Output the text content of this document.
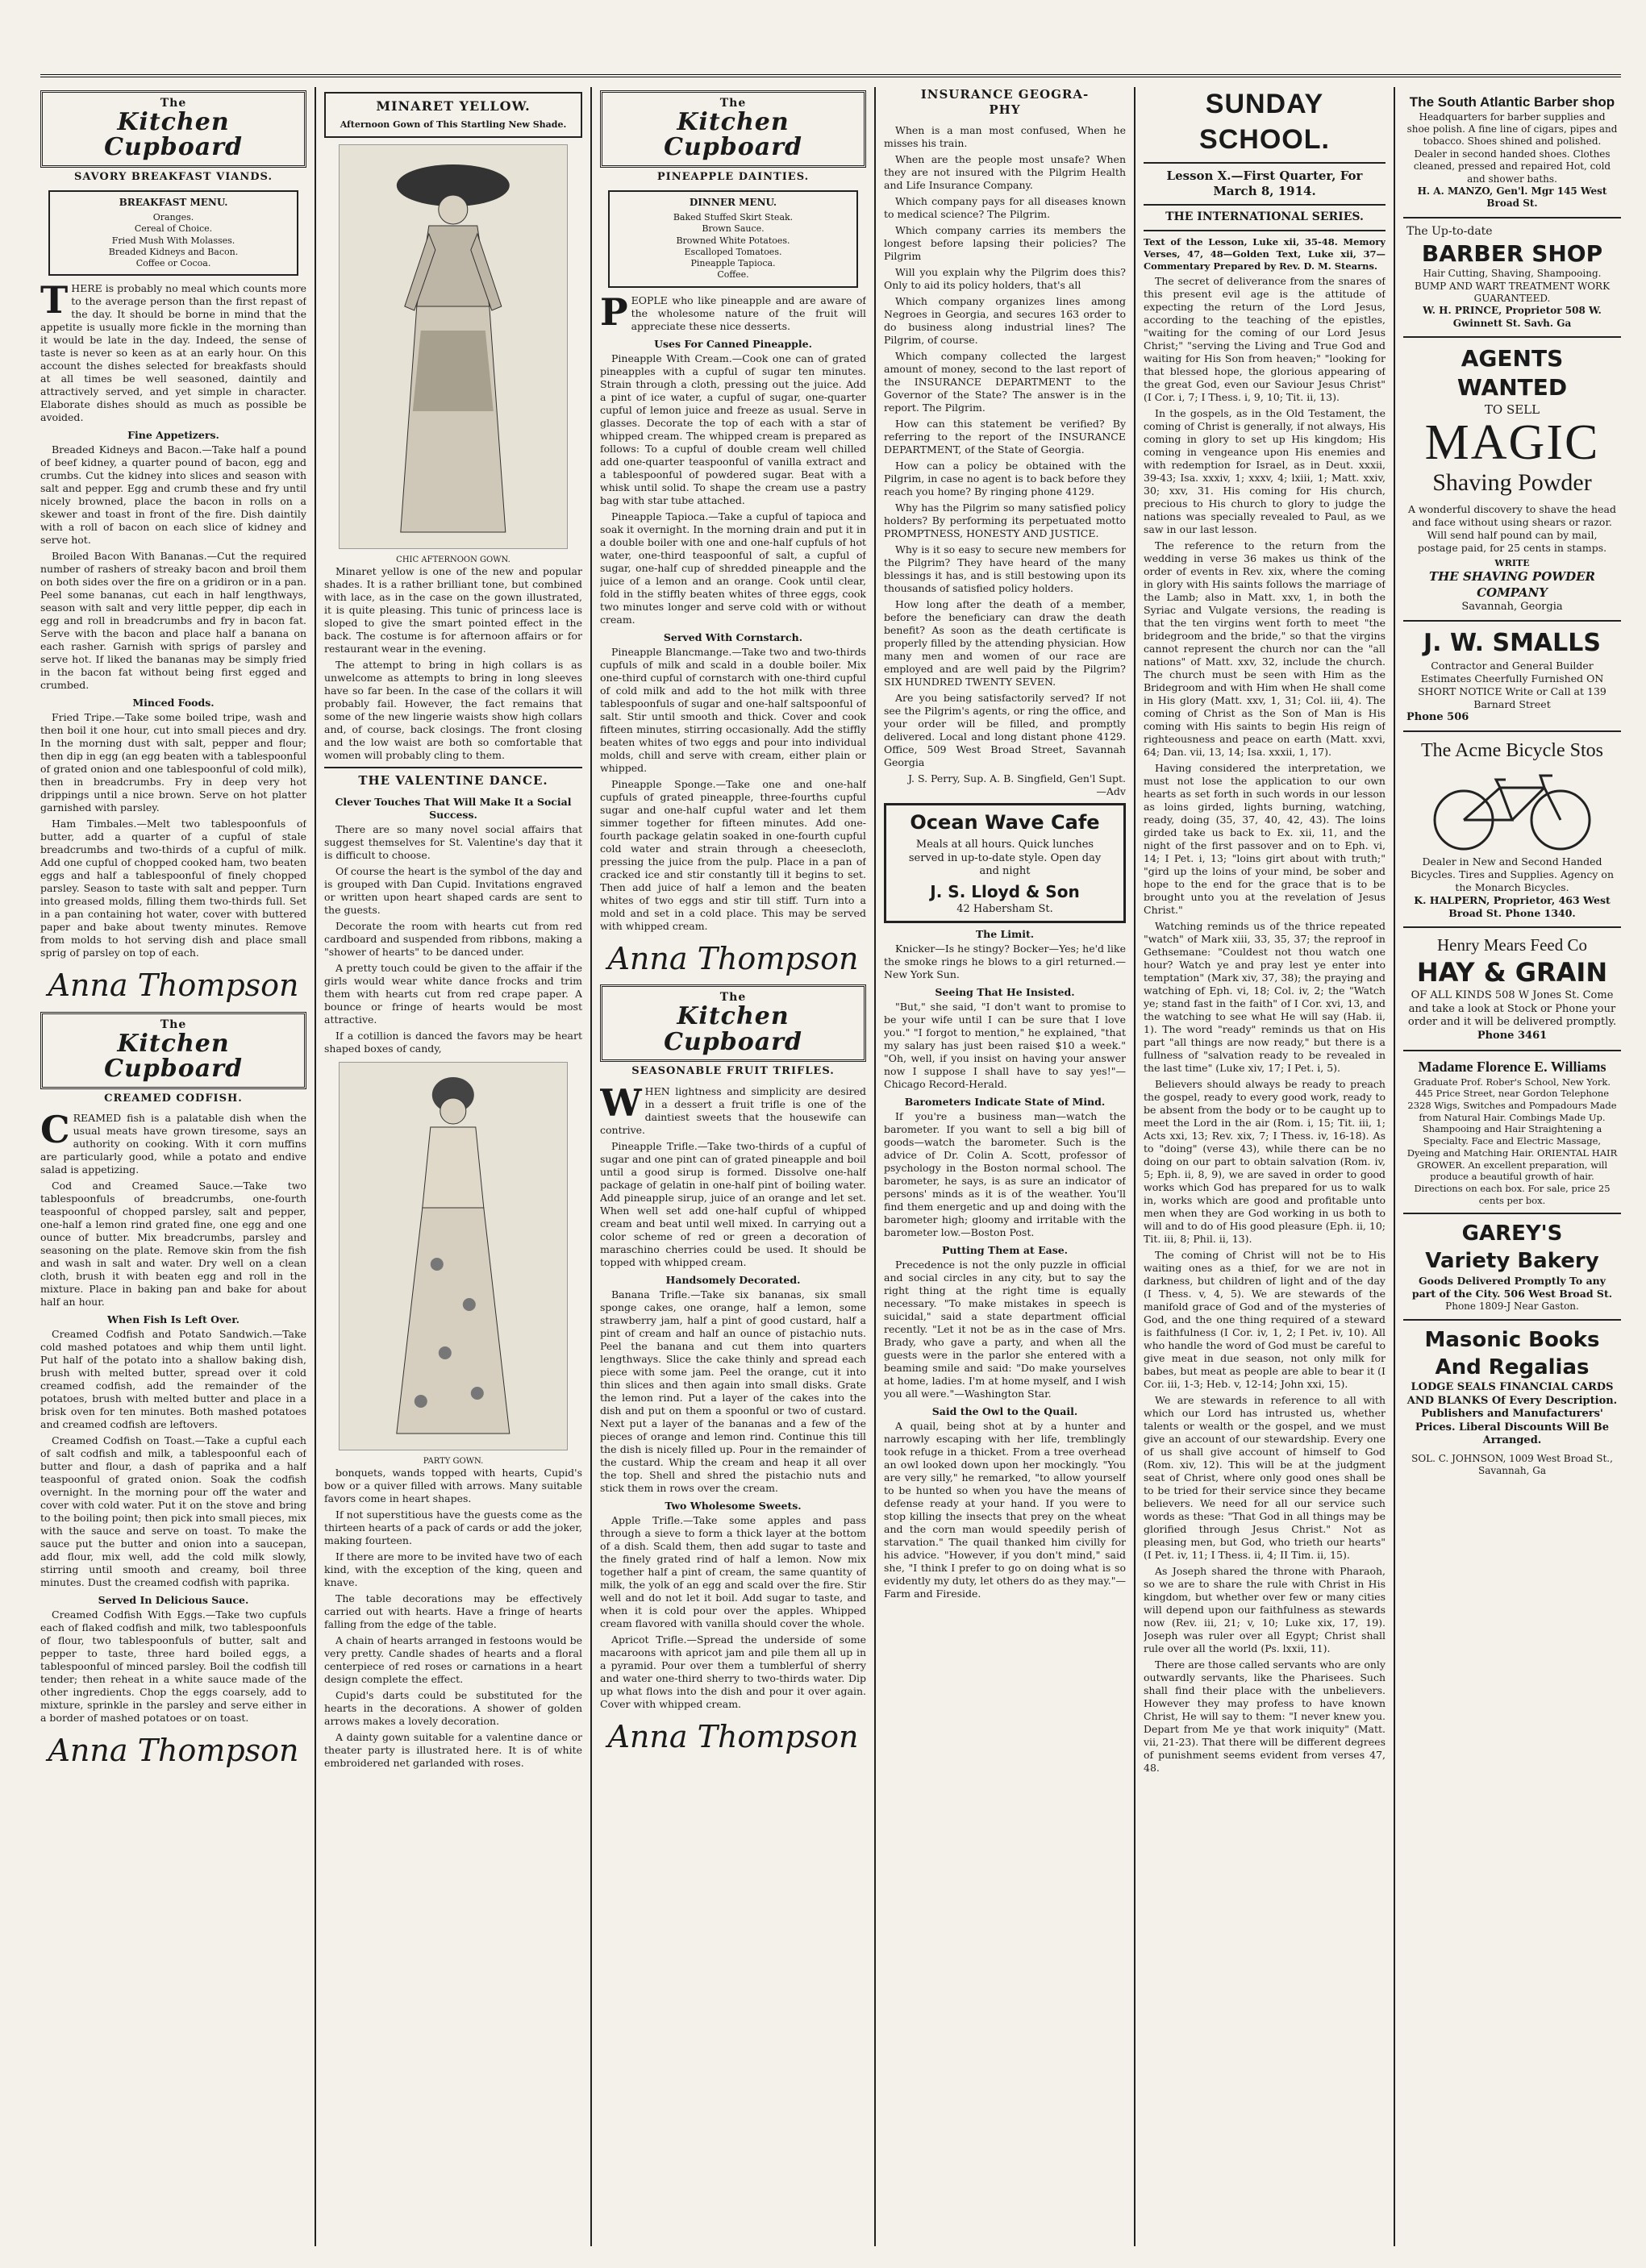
The
Kitchen Cupboard
SAVORY BREAKFAST VIANDS.
BREAKFAST MENU.
Oranges.
Cereal of Choice.
Fried Mush With Molasses.
Breaded Kidneys and Bacon.
Coffee or Cocoa.

THERE is probably no meal which counts more to the average person than the first repast of the day. It should be borne in mind that the appetite is usually more fickle in the morning than it would be late in the day. Indeed, the sense of taste is never so keen as at an early hour. On this account the dishes selected for breakfasts should at all times be well seasoned, daintily and attractively served, and yet simple in character. Elaborate dishes should as much as possible be avoided.

Fine Appetizers.

Breaded Kidneys and Bacon.—Take half a pound of beef kidney, a quarter pound of bacon, egg and crumbs. Cut the kidney into slices and season with salt and pepper. Egg and crumb these and fry until nicely browned, place the bacon in rolls on a skewer and toast in front of the fire. Dish daintily with a roll of bacon on each slice of kidney and serve hot.

Broiled Bacon With Bananas.—Cut the required number of rashers of streaky bacon and broil them on both sides over the fire on a gridiron or in a pan. Peel some bananas, cut each in half lengthways, season with salt and very little pepper, dip each in egg and roll in breadcrumbs and fry in bacon fat. Serve with the bacon and place half a banana on each rasher. Garnish with sprigs of parsley and serve hot. If liked the bananas may be simply fried in the bacon fat without being first egged and crumbed.

Minced Foods.

Fried Tripe.—Take some boiled tripe, wash and then boil it one hour, cut into small pieces and dry. In the morning dust with salt, pepper and flour; then dip in egg (an egg beaten with a tablespoonful of grated onion and one tablespoonful of cold milk), then in breadcrumbs. Fry in deep very hot drippings until a nice brown. Serve on hot platter garnished with parsley.

Ham Timbales.—Melt two tablespoonfuls of butter, add a quarter of a cupful of stale breadcrumbs and two-thirds of a cupful of milk. Add one cupful of chopped cooked ham, two beaten eggs and half a tablespoonful of finely chopped parsley. Season to taste with salt and pepper. Turn into greased molds, filling them two-thirds full. Set in a pan containing hot water, cover with buttered paper and bake about twenty minutes. Remove from molds to hot serving dish and place small sprig of parsley on top of each.

Anna Thompson
The
Kitchen Cupboard
CREAMED CODFISH.

CREAMED fish is a palatable dish when the usual meats have grown tiresome, says an authority on cooking. With it corn muffins are particularly good, while a potato and endive salad is appetizing.

Cod and Creamed Sauce.—Take two tablespoonfuls of breadcrumbs, one-fourth teaspoonful of chopped parsley, salt and pepper, one-half a lemon rind grated fine, one egg and one ounce of butter. Mix breadcrumbs, parsley and seasoning on the plate. Remove skin from the fish and wash in salt and water. Dry well on a clean cloth, brush it with beaten egg and roll in the mixture. Place in baking pan and bake for about half an hour.

When Fish Is Left Over.

Creamed Codfish and Potato Sandwich.—Take cold mashed potatoes and whip them until light. Put half of the potato into a shallow baking dish, brush with melted butter, spread over it cold creamed codfish, add the remainder of the potatoes, brush with melted butter and place in a brisk oven for ten minutes. Both mashed potatoes and creamed codfish are leftovers.

Creamed Codfish on Toast.—Take a cupful each of salt codfish and milk, a tablespoonful each of butter and flour, a dash of paprika and a half teaspoonful of grated onion. Soak the codfish overnight. In the morning pour off the water and cover with cold water. Put it on the stove and bring to the boiling point; then pick into small pieces, mix with the sauce and serve on toast. To make the sauce put the butter and onion into a saucepan, add flour, mix well, add the cold milk slowly, stirring until smooth and creamy, boil three minutes. Dust the creamed codfish with paprika.

Served In Delicious Sauce.

Creamed Codfish With Eggs.—Take two cupfuls each of flaked codfish and milk, two tablespoonfuls of flour, two tablespoonfuls of butter, salt and pepper to taste, three hard boiled eggs, a tablespoonful of minced parsley. Boil the codfish till tender; then reheat in a white sauce made of the other ingredients. Chop the eggs coarsely, add to mixture, sprinkle in the parsley and serve either in a border of mashed potatoes or on toast.

Anna Thompson
MINARET YELLOW.
Afternoon Gown of This Startling New Shade.
CHIC AFTERNOON GOWN.

Minaret yellow is one of the new and popular shades. It is a rather brilliant tone, but combined with lace, as in the case on the gown illustrated, it is quite pleasing. This tunic of princess lace is sloped to give the smart pointed effect in the back. The costume is for afternoon affairs or for restaurant wear in the evening.

The attempt to bring in high collars is as unwelcome as attempts to bring in long sleeves have so far been. In the case of the collars it will probably fail. However, the fact remains that some of the new lingerie waists show high collars and, of course, back closings. The front closing and the low waist are both so comfortable that women will probably cling to them.

THE VALENTINE DANCE.
Clever Touches That Will Make It a Social Success.

There are so many novel social affairs that suggest themselves for St. Valentine's day that it is difficult to choose.

Of course the heart is the symbol of the day and is grouped with Dan Cupid. Invitations engraved or written upon heart shaped cards are sent to the guests.

Decorate the room with hearts cut from red cardboard and suspended from ribbons, making a "shower of hearts" to be danced under.

A pretty touch could be given to the affair if the girls would wear white dance frocks and trim them with hearts cut from red crape paper. A bounce or fringe of hearts would be most attractive.

If a cotillion is danced the favors may be heart shaped boxes of candy,

PARTY GOWN.

bonquets, wands topped with hearts, Cupid's bow or a quiver filled with arrows. Many suitable favors come in heart shapes.

If not superstitious have the guests come as the thirteen hearts of a pack of cards or add the joker, making fourteen.

If there are more to be invited have two of each kind, with the exception of the king, queen and knave.

The table decorations may be effectively carried out with hearts. Have a fringe of hearts falling from the edge of the table.

A chain of hearts arranged in festoons would be very pretty. Candle shades of hearts and a floral centerpiece of red roses or carnations in a heart design complete the effect.

Cupid's darts could be substituted for the hearts in the decorations. A shower of golden arrows makes a lovely decoration.

A dainty gown suitable for a valentine dance or theater party is illustrated here. It is of white embroidered net garlanded with roses.

The
Kitchen Cupboard
PINEAPPLE DAINTIES.
DINNER MENU.
Baked Stuffed Skirt Steak.
Brown Sauce.
Browned White Potatoes.
Escalloped Tomatoes.
Pineapple Tapioca.
Coffee.

PEOPLE who like pineapple and are aware of the wholesome nature of the fruit will appreciate these nice desserts.

Uses For Canned Pineapple.

Pineapple With Cream.—Cook one can of grated pineapples with a cupful of sugar ten minutes. Strain through a cloth, pressing out the juice. Add a pint of ice water, a cupful of sugar, one-quarter cupful of lemon juice and freeze as usual. Serve in glasses. Decorate the top of each with a star of whipped cream. The whipped cream is prepared as follows: To a cupful of double cream well chilled add one-quarter teaspoonful of vanilla extract and a tablespoonful of powdered sugar. Beat with a whisk until solid. To shape the cream use a pastry bag with star tube attached.

Pineapple Tapioca.—Take a cupful of tapioca and soak it overnight. In the morning drain and put it in a double boiler with one and one-half cupfuls of hot water, one-third teaspoonful of salt, a cupful of sugar, one-half cup of shredded pineapple and the juice of a lemon and an orange. Cook until clear, fold in the stiffly beaten whites of three eggs, cook two minutes longer and serve cold with or without cream.

Served With Cornstarch.

Pineapple Blancmange.—Take two and two-thirds cupfuls of milk and scald in a double boiler. Mix one-third cupful of cornstarch with one-third cupful of cold milk and add to the hot milk with three tablespoonfuls of sugar and one-half saltspoonful of salt. Stir until smooth and thick. Cover and cook fifteen minutes, stirring occasionally. Add the stiffly beaten whites of two eggs and pour into individual molds, chill and serve with cream, either plain or whipped.

Pineapple Sponge.—Take one and one-half cupfuls of grated pineapple, three-fourths cupful sugar and one-half cupful water and let them simmer together for fifteen minutes. Add one-fourth package gelatin soaked in one-fourth cupful cold water and strain through a cheesecloth, pressing the juice from the pulp. Place in a pan of cracked ice and stir constantly till it begins to set. Then add juice of half a lemon and the beaten whites of two eggs and stir till stiff. Turn into a mold and set in a cold place. This may be served with whipped cream.

Anna Thompson
The
Kitchen Cupboard
SEASONABLE FRUIT TRIFLES.

WHEN lightness and simplicity are desired in a dessert a fruit trifle is one of the daintiest sweets that the housewife can contrive.

Pineapple Trifle.—Take two-thirds of a cupful of sugar and one pint can of grated pineapple and boil until a good sirup is formed. Dissolve one-half package of gelatin in one-half pint of boiling water. Add pineapple sirup, juice of an orange and let set. When well set add one-half cupful of whipped cream and beat until well mixed. In carrying out a color scheme of red or green a decoration of maraschino cherries could be used. It should be topped with whipped cream.

Handsomely Decorated.

Banana Trifle.—Take six bananas, six small sponge cakes, one orange, half a lemon, some strawberry jam, half a pint of good custard, half a pint of cream and half an ounce of pistachio nuts. Peel the banana and cut them into quarters lengthways. Slice the cake thinly and spread each piece with some jam. Peel the orange, cut it into thin slices and then again into small disks. Grate the lemon rind. Put a layer of the cakes into the dish and put on them a spoonful or two of custard. Next put a layer of the bananas and a few of the pieces of orange and lemon rind. Continue this till the dish is nicely filled up. Pour in the remainder of the custard. Whip the cream and heap it all over the top. Shell and shred the pistachio nuts and stick them in rows over the cream.

Two Wholesome Sweets.

Apple Trifle.—Take some apples and pass through a sieve to form a thick layer at the bottom of a dish. Scald them, then add sugar to taste and the finely grated rind of half a lemon. Now mix together half a pint of cream, the same quantity of milk, the yolk of an egg and scald over the fire. Stir well and do not let it boil. Add sugar to taste, and when it is cold pour over the apples. Whipped cream flavored with vanilla should cover the whole.

Apricot Trifle.—Spread the underside of some macaroons with apricot jam and pile them all up in a pyramid. Pour over them a tumblerful of sherry and water one-third sherry to two-thirds water. Dip up what flows into the dish and pour it over again. Cover with whipped cream.

Anna Thompson
INSURANCE GEOGRA-
PHY

When is a man most confused, When he misses his train.

When are the people most unsafe? When they are not insured with the Pilgrim Health and Life Insurance Company.

Which company pays for all diseases known to medical science? The Pilgrim.

Which company carries its members the longest before lapsing their policies? The Pilgrim

Will you explain why the Pilgrim does this? Only to aid its policy holders, that's all

Which company organizes lines among Negroes in Georgia, and secures 163 order to do business along industrial lines? The Pilgrim, of course.

Which company collected the largest amount of money, second to the last report of the INSURANCE DEPARTMENT to the Governor of the State? The answer is in the report. The Pilgrim.

How can this statement be verified? By referring to the report of the INSURANCE DEPARTMENT, of the State of Georgia.

How can a policy be obtained with the Pilgrim, in case no agent is to back before they reach you home? By ringing phone 4129.

Why has the Pilgrim so many satisfied policy holders? By performing its perpetuated motto PROMPTNESS, HONESTY AND JUSTICE.

Why is it so easy to secure new members for the Pilgrim? They have heard of the many blessings it has, and is still bestowing upon its thousands of satisfied policy holders.

How long after the death of a member, before the beneficiary can draw the death benefit? As soon as the death certificate is properly filled by the attending physician. How many men and women of our race are employed and are well paid by the Pilgrim? SIX HUNDRED TWENTY SEVEN.

Are you being satisfactorily served? If not see the Pilgrim's agents, or ring the office, and your order will be filled, and promptly delivered. Local and long distant phone 4129. Office, 509 West Broad Street, Savannah Georgia

J. S. Perry, Sup. A. B. Singfield, Gen'l Supt. —Adv

Ocean Wave Cafe
Meals at all hours. Quick lunches served in up-to-date style. Open day and night
J. S. Lloyd & Son
42 Habersham St.
The Limit.

Knicker—Is he stingy? Bocker—Yes; he'd like the smoke rings he blows to a girl returned.—New York Sun.

Seeing That He Insisted.

"But," she said, "I don't want to promise to be your wife until I can be sure that I love you." "I forgot to mention," he explained, "that my salary has just been raised $10 a week." "Oh, well, if you insist on having your answer now I suppose I shall have to say yes!"—Chicago Record-Herald.

Barometers Indicate State of Mind.

If you're a business man—watch the barometer. If you want to sell a big bill of goods—watch the barometer. Such is the advice of Dr. Colin A. Scott, professor of psychology in the Boston normal school. The barometer, he says, is as sure an indicator of persons' minds as it is of the weather. You'll find them energetic and up and doing with the barometer high; gloomy and irritable with the barometer low.—Boston Post.

Putting Them at Ease.

Precedence is not the only puzzle in official and social circles in any city, but to say the right thing at the right time is equally necessary. "To make mistakes in speech is suicidal," said a state department official recently. "Let it not be as in the case of Mrs. Brady, who gave a party, and when all the guests were in the parlor she entered with a beaming smile and said: "Do make yourselves at home, ladies. I'm at home myself, and I wish you all were."—Washington Star.

Said the Owl to the Quail.

A quail, being shot at by a hunter and narrowly escaping with her life, tremblingly took refuge in a thicket. From a tree overhead an owl looked down upon her mockingly. "You are very silly," he remarked, "to allow yourself to be hunted so when you have the means of defense ready at your hand. If you were to stop killing the insects that prey on the wheat and the corn man would speedily perish of starvation." The quail thanked him civilly for his advice. "However, if you don't mind," said she, "I think I prefer to go on doing what is so evidently my duty, let others do as they may."—Farm and Fireside.

SUNDAY SCHOOL.
Lesson X.—First Quarter, For March 8, 1914.
THE INTERNATIONAL SERIES.

Text of the Lesson, Luke xii, 35-48. Memory Verses, 47, 48—Golden Text, Luke xii, 37—Commentary Prepared by Rev. D. M. Stearns.

The secret of deliverance from the snares of this present evil age is the attitude of expecting the return of the Lord Jesus, according to the teaching of the epistles, "waiting for the coming of our Lord Jesus Christ;" "serving the Living and True God and waiting for His Son from heaven;" "looking for that blessed hope, the glorious appearing of the great God, even our Saviour Jesus Christ" (I Cor. i, 7; I Thess. i, 9, 10; Tit. ii, 13).

In the gospels, as in the Old Testament, the coming of Christ is generally, if not always, His coming in glory to set up His kingdom; His coming in vengeance upon His enemies and with redemption for Israel, as in Deut. xxxii, 39-43; Isa. xxxiv, 1; xxxv, 4; lxiii, 1; Matt. xxiv, 30; xxv, 31. His coming for His church, precious to His church to glory to judge the nations was specially revealed to Paul, as we saw in our last lesson.

The reference to the return from the wedding in verse 36 makes us think of the order of events in Rev. xix, where the coming in glory with His saints follows the marriage of the Lamb; also in Matt. xxv, 1, in both the Syriac and Vulgate versions, the reading is that the ten virgins went forth to meet "the bridegroom and the bride," so that the virgins cannot represent the church nor can the "all nations" of Matt. xxv, 32, include the church. The church must be seen with Him as the Bridegroom and with Him when He shall come in His glory (Matt. xxv, 1, 31; Col. iii, 4). The coming of Christ as the Son of Man is His coming with His saints to begin His reign of righteousness and peace on earth (Matt. xxvi, 64; Dan. vii, 13, 14; Isa. xxxii, 1, 17).

Having considered the interpretation, we must not lose the application to our own hearts as set forth in such words in our lesson as loins girded, lights burning, watching, ready, doing (35, 37, 40, 42, 43). The loins girded take us back to Ex. xii, 11, and the night of the first passover and on to Eph. vi, 14; I Pet. i, 13; "loins girt about with truth;" "gird up the loins of your mind, be sober and hope to the end for the grace that is to be brought unto you at the revelation of Jesus Christ."

Watching reminds us of the thrice repeated "watch" of Mark xiii, 33, 35, 37; the reproof in Gethsemane: "Couldest not thou watch one hour? Watch ye and pray lest ye enter into temptation" (Mark xiv, 37, 38); the praying and watching of Eph. vi, 18; Col. iv, 2; the "Watch ye; stand fast in the faith" of I Cor. xvi, 13, and the watching to see what He will say (Hab. ii, 1). The word "ready" reminds us that on His part "all things are now ready," but there is a fullness of "salvation ready to be revealed in the last time" (Luke xiv, 17; I Pet. i, 5).

Believers should always be ready to preach the gospel, ready to every good work, ready to be absent from the body or to be caught up to meet the Lord in the air (Rom. i, 15; Tit. iii, 1; Acts xxi, 13; Rev. xix, 7; I Thess. iv, 16-18). As to "doing" (verse 43), while there can be no doing on our part to obtain salvation (Rom. iv, 5; Eph. ii, 8, 9), we are saved in order to good works which God has prepared for us to walk in, works which are good and profitable unto men when they are God working in us both to will and to do of His good pleasure (Eph. ii, 10; Tit. iii, 8; Phil. ii, 13).

The coming of Christ will not be to His waiting ones as a thief, for we are not in darkness, but children of light and of the day (I Thess. v, 4, 5). We are stewards of the manifold grace of God and of the mysteries of God, and the one thing required of a steward is faithfulness (I Cor. iv, 1, 2; I Pet. iv, 10). All who handle the word of God must be careful to give meat in due season, not only milk for babes, but meat as people are able to bear it (I Cor. iii, 1-3; Heb. v, 12-14; John xxi, 15).

We are stewards in reference to all with which our Lord has intrusted us, whether talents or wealth or the gospel, and we must give an account of our stewardship. Every one of us shall give account of himself to God (Rom. xiv, 12). This will be at the judgment seat of Christ, where only good ones shall be to be tried for their service since they became believers. We need for all our service such words as these: "That God in all things may be glorified through Jesus Christ." Not as pleasing men, but God, who trieth our hearts" (I Pet. iv, 11; I Thess. ii, 4; II Tim. ii, 15).

As Joseph shared the throne with Pharaoh, so we are to share the rule with Christ in His kingdom, but whether over few or many cities will depend upon our faithfulness as stewards now (Rev. iii, 21; v, 10; Luke xix, 17, 19). Joseph was ruler over all Egypt; Christ shall rule over all the world (Ps. lxxii, 11).

There are those called servants who are only outwardly servants, like the Pharisees. Such shall find their place with the unbelievers. However they may profess to have known Christ, He will say to them: "I never knew you. Depart from Me ye that work iniquity" (Matt. vii, 21-23). That there will be different degrees of punishment seems evident from verses 47, 48.

The South Atlantic Barber shop
Headquarters for barber supplies and shoe polish. A fine line of cigars, pipes and tobacco. Shoes shined and polished. Dealer in second handed shoes. Clothes cleaned, pressed and repaired Hot, cold and shower baths.
H. A. MANZO, Gen'l. Mgr 145 West Broad St.
The Up-to-date
BARBER SHOP
Hair Cutting, Shaving, Shampooing. BUMP AND WART TREATMENT WORK GUARANTEED.
W. H. PRINCE, Proprietor 508 W. Gwinnett St. Savh. Ga
AGENTS WANTED
TO SELL
MAGIC
Shaving Powder
A wonderful discovery to shave the head and face without using shears or razor. Will send half pound can by mail, postage paid, for 25 cents in stamps.
WRITE
THE SHAVING POWDER COMPANY
Savannah, Georgia
J. W. SMALLS
Contractor and General Builder Estimates Cheerfully Furnished ON SHORT NOTICE Write or Call at 139 Barnard Street
Phone 506
The Acme Bicycle Stos
Dealer in New and Second Handed Bicycles. Tires and Supplies. Agency on the Monarch Bicycles.
K. HALPERN, Proprietor, 463 West Broad St. Phone 1340.
Henry Mears Feed Co
HAY & GRAIN
OF ALL KINDS 508 W Jones St. Come and take a look at Stock or Phone your order and it will be delivered promptly.
Phone 3461
Madame Florence E. Williams
Graduate Prof. Rober's School, New York. 445 Price Street, near Gordon Telephone 2328 Wigs, Switches and Pompadours Made from Natural Hair. Combings Made Up. Shampooing and Hair Straightening a Specialty. Face and Electric Massage, Dyeing and Matching Hair. ORIENTAL HAIR GROWER. An excellent preparation, will produce a beautiful growth of hair. Directions on each box. For sale, price 25 cents per box.
GAREY'S
Variety Bakery
Goods Delivered Promptly To any part of the City. 506 West Broad St.
Phone 1809-J Near Gaston.
Masonic Books
And Regalias
LODGE SEALS FINANCIAL CARDS AND BLANKS Of Every Description. Publishers and Manufacturers' Prices. Liberal Discounts Will Be Arranged.
SOL. C. JOHNSON, 1009 West Broad St., Savannah, Ga
